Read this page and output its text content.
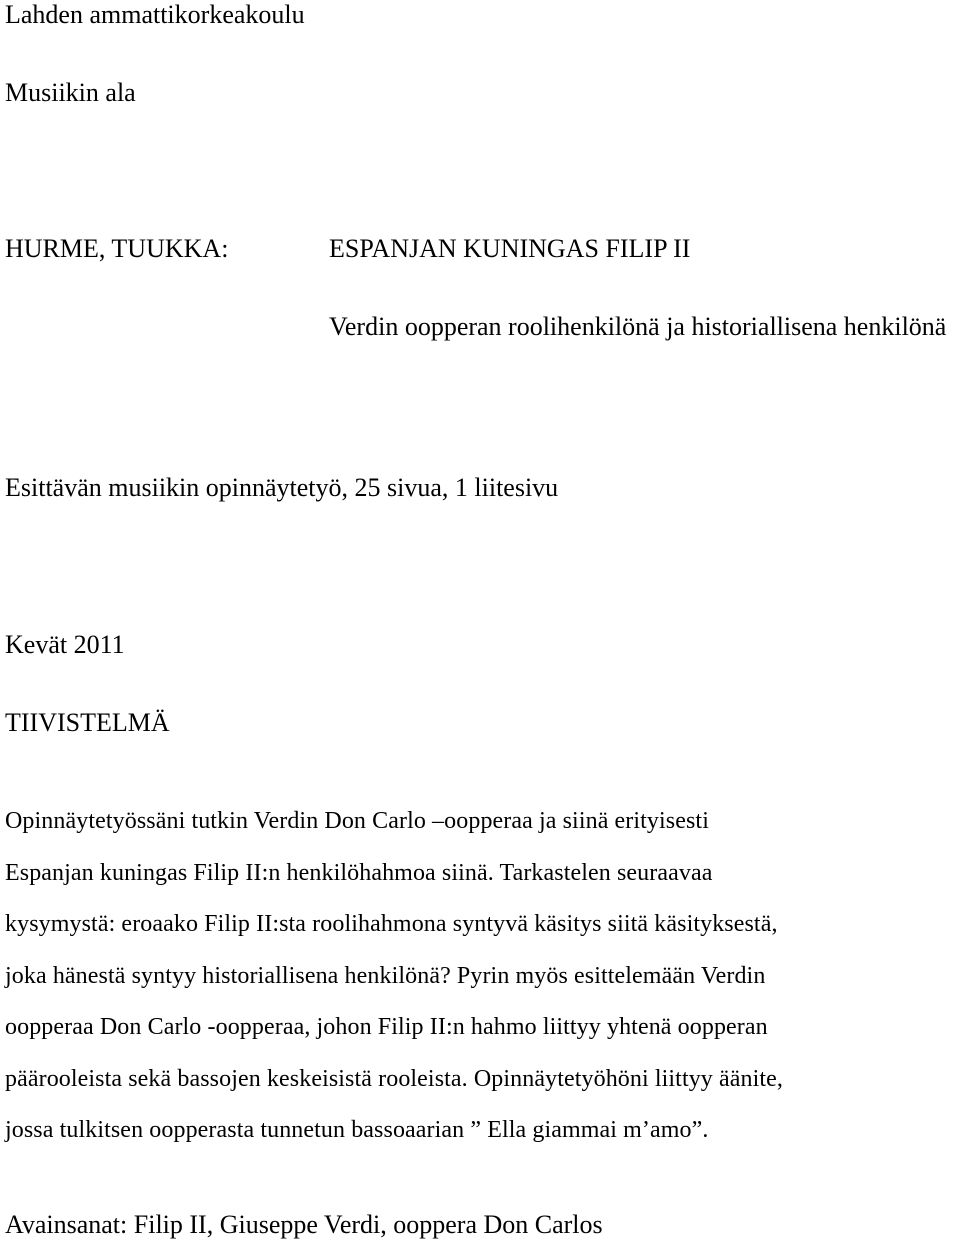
Lahden ammattikorkeakoulu
Musiikin ala
HURME, TUUKKA:	ESPANJAN KUNINGAS FILIP II
Verdin oopperan roolihenkilönä ja historiallisena henkilönä
Esittävän musiikin opinnäytetyö, 25 sivua, 1 liitesivu
Kevät 2011
TIIVISTELMÄ
Opinnäytetyössäni tutkin Verdin Don Carlo –oopperaa ja siinä erityisesti
Espanjan kuningas Filip II:n henkilöhahmoa siinä. Tarkastelen seuraavaa
kysymystä: eroaako Filip II:sta roolihahmona syntyvä käsitys siitä käsityksestä,
joka hänestä syntyy historiallisena henkilönä? Pyrin myös esittelemään Verdin
oopperaa Don Carlo -oopperaa, johon Filip II:n hahmo liittyy yhtenä oopperan
päärooleista sekä bassojen keskeisistä rooleista. Opinnäytetyöhöni liittyy äänite,
jossa tulkitsen oopperasta tunnetun bassoaarian ” Ella giammai m’amo”.
Avainsanat: Filip II, Giuseppe Verdi, ooppera Don Carlos
